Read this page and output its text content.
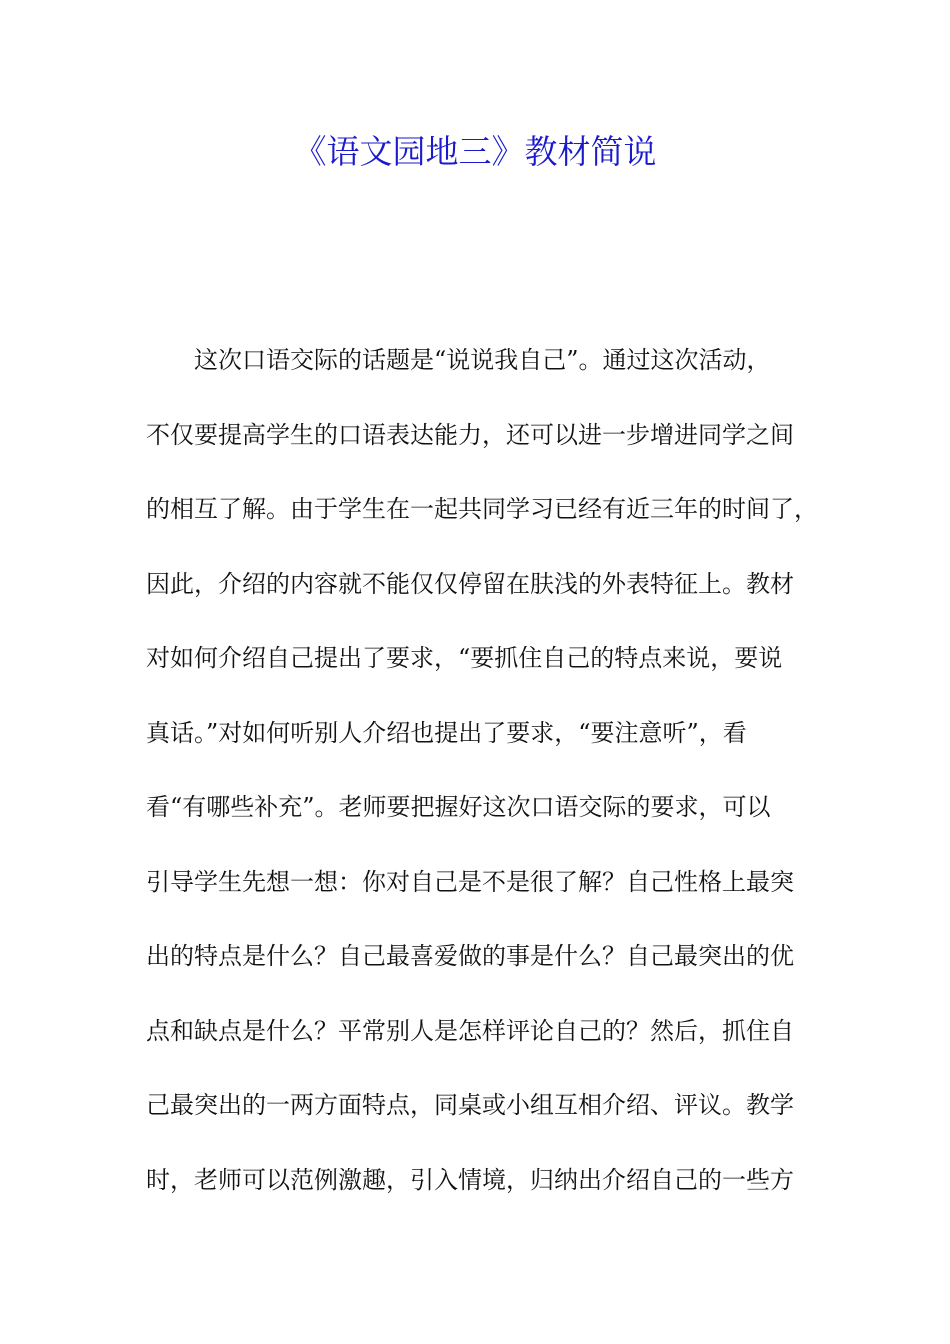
《语文园地三》教材简说
这次口语交际的话题是“说说我自己”。通过这次活动，
不仅要提高学生的口语表达能力，还可以进一步增进同学之间
的相互了解。由于学生在一起共同学习已经有近三年的时间了，
因此，介绍的内容就不能仅仅停留在肤浅的外表特征上。教材
对如何介绍自己提出了要求，“要抓住自己的特点来说，要说
真话。”对如何听别人介绍也提出了要求，“要注意听”，看
看“有哪些补充”。老师要把握好这次口语交际的要求，可以
引导学生先想一想：你对自己是不是很了解？自己性格上最突
出的特点是什么？自己最喜爱做的事是什么？自己最突出的优
点和缺点是什么？平常别人是怎样评论自己的？然后，抓住自
己最突出的一两方面特点，同桌或小组互相介绍、评议。教学
时，老师可以范例激趣，引入情境，归纳出介绍自己的一些方
